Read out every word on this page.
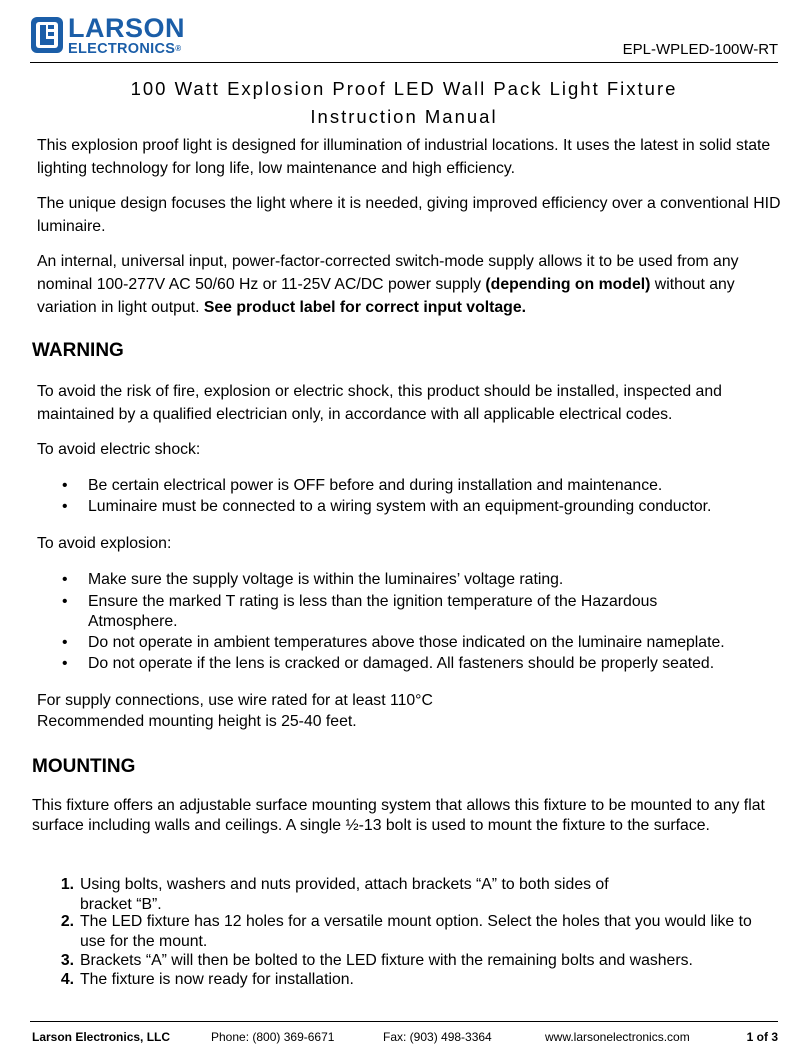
LARSON
ELECTRONICS®	EPL-WPLED-100W-RT
100 Watt Explosion Proof LED Wall Pack Light Fixture
Instruction Manual
This explosion proof light is designed for illumination of industrial locations. It uses the latest in solid state lighting technology for long life, low maintenance and high efficiency.
The unique design focuses the light where it is needed, giving improved efficiency over a conventional HID luminaire.
An internal, universal input, power-factor-corrected switch-mode supply allows it to be used from any nominal 100-277V AC 50/60 Hz or 11-25V AC/DC power supply (depending on model) without any variation in light output. See product label for correct input voltage.
WARNING
To avoid the risk of fire, explosion or electric shock, this product should be installed, inspected and maintained by a qualified electrician only, in accordance with all applicable electrical codes.
To avoid electric shock:
• Be certain electrical power is OFF before and during installation and maintenance.
• Luminaire must be connected to a wiring system with an equipment-grounding conductor.
To avoid explosion:
• Make sure the supply voltage is within the luminaires’ voltage rating.
• Ensure the marked T rating is less than the ignition temperature of the Hazardous Atmosphere.
• Do not operate in ambient temperatures above those indicated on the luminaire nameplate.
• Do not operate if the lens is cracked or damaged. All fasteners should be properly seated.
For supply connections, use wire rated for at least 110°C
Recommended mounting height is 25-40 feet.
MOUNTING
This fixture offers an adjustable surface mounting system that allows this fixture to be mounted to any flat surface including walls and ceilings. A single ½-13 bolt is used to mount the fixture to the surface.
1. Using bolts, washers and nuts provided, attach brackets “A” to both sides of bracket “B”.
2. The LED fixture has 12 holes for a versatile mount option. Select the holes that you would like to use for the mount.
3. Brackets “A” will then be bolted to the LED fixture with the remaining bolts and washers.
4. The fixture is now ready for installation.
Larson Electronics, LLC	Phone: (800) 369-6671	Fax: (903) 498-3364	www.larsonelectronics.com	1 of 3
